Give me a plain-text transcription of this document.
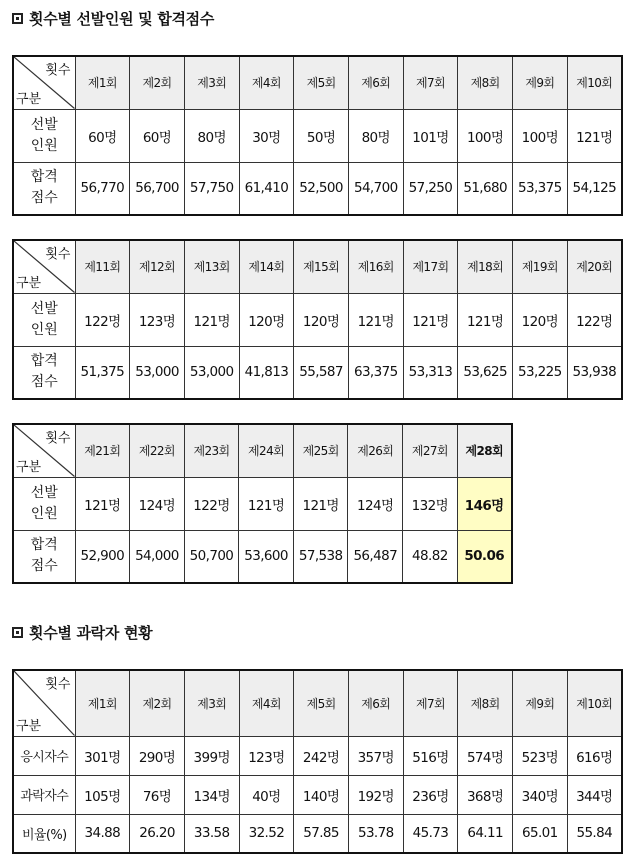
횟수별 선발인원 및 합격점수
횟수
구분	제1회	제2회	제3회	제4회	제5회	제6회	제7회	제8회	제9회	제10회
선발
인원	60명	60명	80명	30명	50명	80명	101명	100명	100명	121명
합격
점수	56,770	56,700	57,750	61,410	52,500	54,700	57,250	51,680	53,375	54,125
횟수
구분	제11회	제12회	제13회	제14회	제15회	제16회	제17회	제18회	제19회	제20회
선발
인원	122명	123명	121명	120명	120명	121명	121명	121명	120명	122명
합격
점수	51,375	53,000	53,000	41,813	55,587	63,375	53,313	53,625	53,225	53,938
횟수
구분	제21회	제22회	제23회	제24회	제25회	제26회	제27회	제28회
선발
인원	121명	124명	122명	121명	121명	124명	132명	146명
합격
점수	52,900	54,000	50,700	53,600	57,538	56,487	48.82	50.06
횟수별 과락자 현황
횟수
구분	제1회	제2회	제3회	제4회	제5회	제6회	제7회	제8회	제9회	제10회
응시자수	301명	290명	399명	123명	242명	357명	516명	574명	523명	616명
과락자수	105명	76명	134명	40명	140명	192명	236명	368명	340명	344명
비율(%)	34.88	26.20	33.58	32.52	57.85	53.78	45.73	64.11	65.01	55.84
